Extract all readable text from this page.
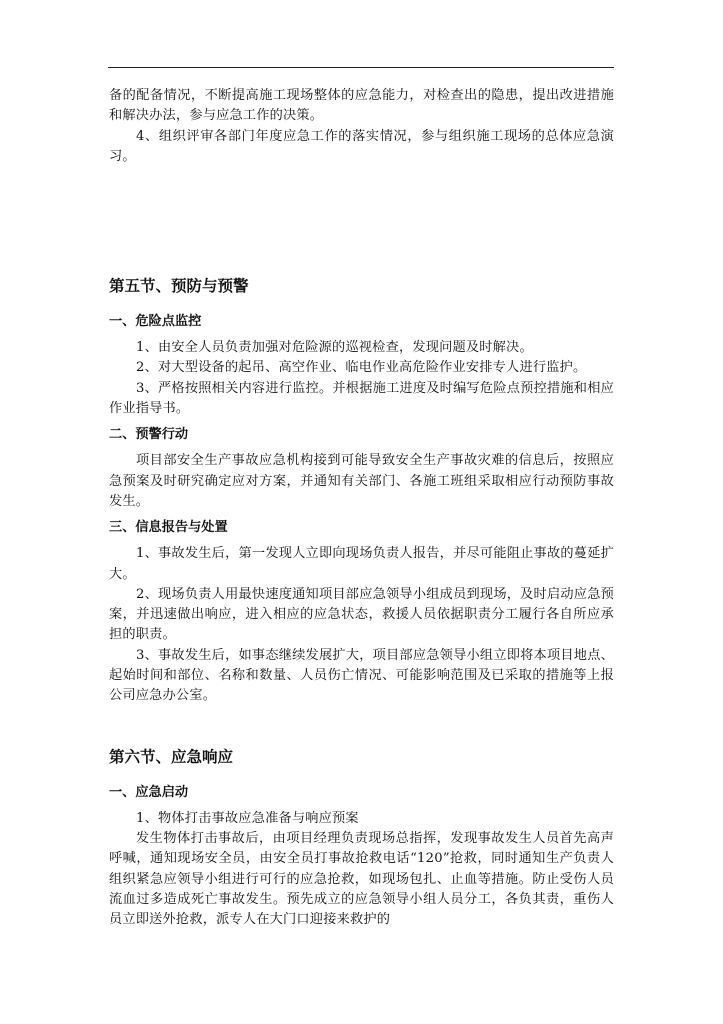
备的配备情况，不断提高施工现场整体的应急能力，对检查出的隐患，提出改进措施和解决办法，参与应急工作的决策。

4、组织评审各部门年度应急工作的落实情况，参与组织施工现场的总体应急演习。

第五节、预防与预警
一、危险点监控

1、由安全人员负责加强对危险源的巡视检查，发现问题及时解决。

2、对大型设备的起吊、高空作业、临电作业高危险作业安排专人进行监护。

3、严格按照相关内容进行监控。并根据施工进度及时编写危险点预控措施和相应作业指导书。

二、预警行动

项目部安全生产事故应急机构接到可能导致安全生产事故灾难的信息后，按照应急预案及时研究确定应对方案，并通知有关部门、各施工班组采取相应行动预防事故发生。

三、信息报告与处置

1、事故发生后，第一发现人立即向现场负责人报告，并尽可能阻止事故的蔓延扩大。

2、现场负责人用最快速度通知项目部应急领导小组成员到现场，及时启动应急预案，并迅速做出响应，进入相应的应急状态，救援人员依据职责分工履行各自所应承担的职责。

3、事故发生后，如事态继续发展扩大，项目部应急领导小组立即将本项目地点、起始时间和部位、名称和数量、人员伤亡情况、可能影响范围及已采取的措施等上报公司应急办公室。

第六节、应急响应
一、应急启动

1、物体打击事故应急准备与响应预案

发生物体打击事故后，由项目经理负责现场总指挥，发现事故发生人员首先高声呼喊，通知现场安全员，由安全员打事故抢救电话“120”抢救，同时通知生产负责人组织紧急应领导小组进行可行的应急抢救，如现场包扎、止血等措施。防止受伤人员流血过多造成死亡事故发生。预先成立的应急领导小组人员分工，各负其责，重伤人员立即送外抢救，派专人在大门口迎接来救护的
